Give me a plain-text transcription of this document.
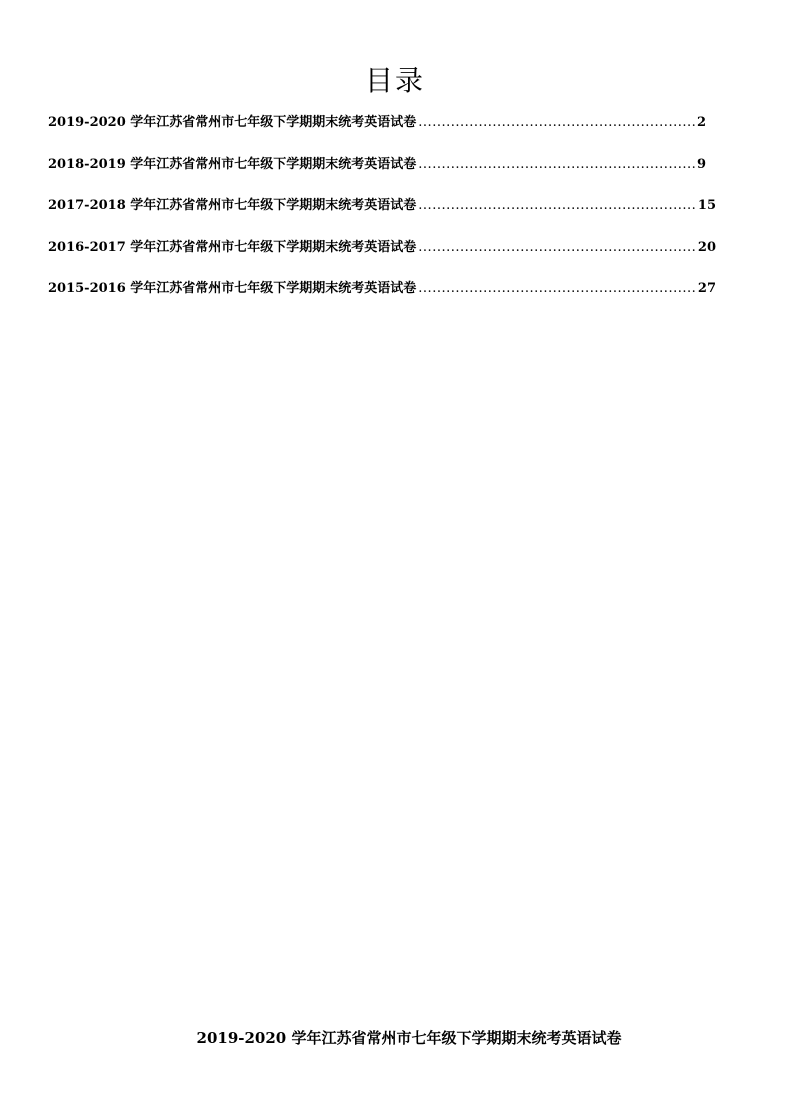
目录
2019-2020 学年江苏省常州市七年级下学期期末统考英语试卷 .....	2
2018-2019 学年江苏省常州市七年级下学期期末统考英语试卷 .....	9
2017-2018 学年江苏省常州市七年级下学期期末统考英语试卷 .....	15
2016-2017 学年江苏省常州市七年级下学期期末统考英语试卷 .....	20
2015-2016 学年江苏省常州市七年级下学期期末统考英语试卷 .....	27
2019-2020 学年江苏省常州市七年级下学期期末统考英语试卷
